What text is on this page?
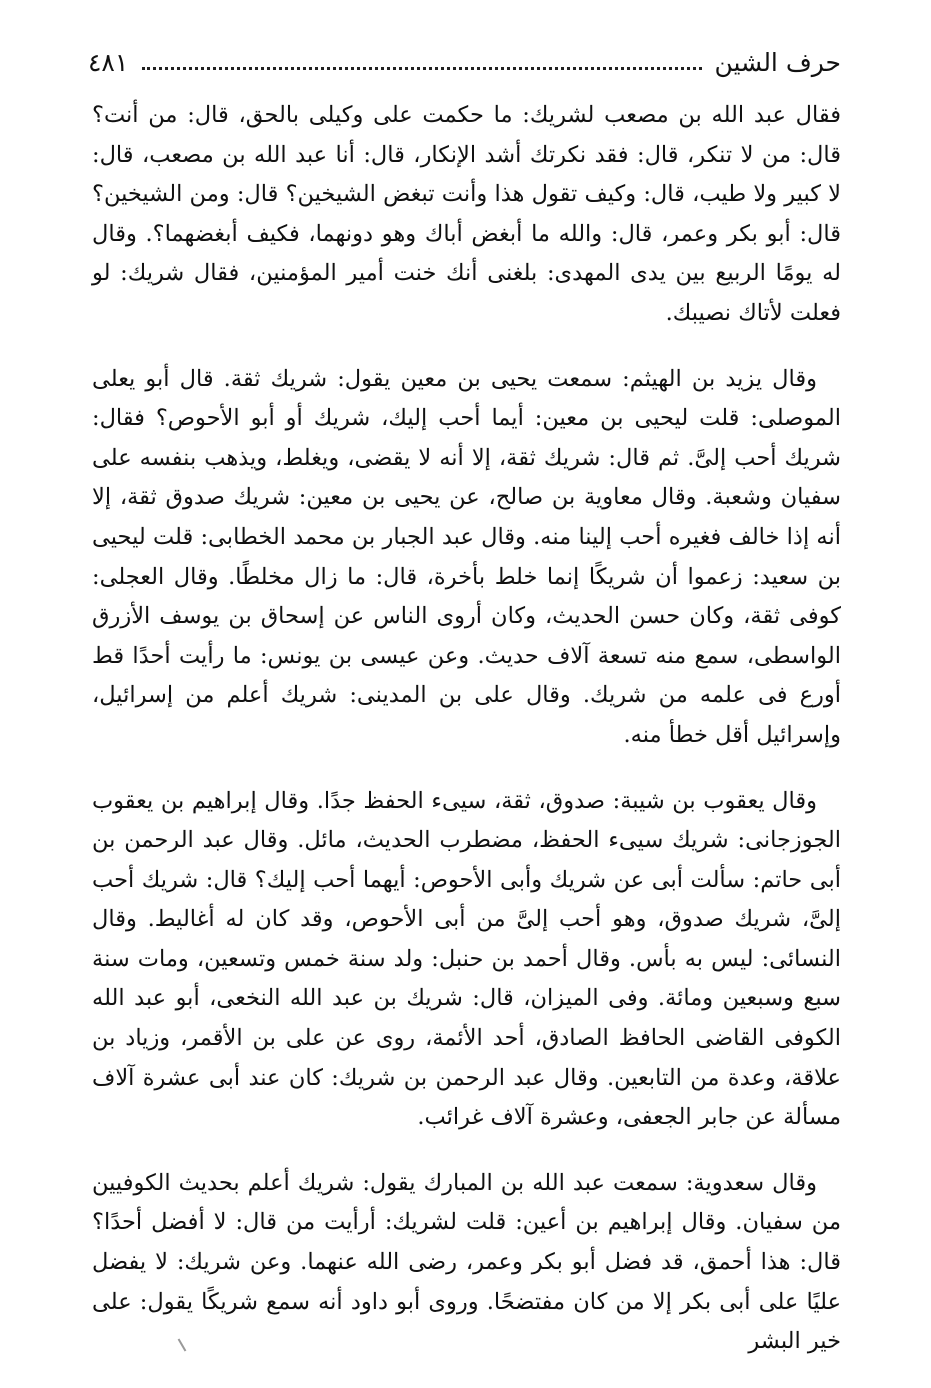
حرف الشين
٤٨١

فقال عبد الله بن مصعب لشريك: ما حكمت على وكيلى بالحق، قال: من أنت؟ قال: من لا تنكر، قال: فقد نكرتك أشد الإنكار، قال: أنا عبد الله بن مصعب، قال: لا كبير ولا طيب، قال: وكيف تقول هذا وأنت تبغض الشيخين؟ قال: ومن الشيخين؟ قال: أبو بكر وعمر، قال: والله ما أبغض أباك وهو دونهما، فكيف أبغضهما؟. وقال له يومًا الربيع بين يدى المهدى: بلغنى أنك خنت أمير المؤمنين، فقال شريك: لو فعلت لأتاك نصيبك.

وقال يزيد بن الهيثم: سمعت يحيى بن معين يقول: شريك ثقة. قال أبو يعلى الموصلى: قلت ليحيى بن معين: أيما أحب إليك، شريك أو أبو الأحوص؟ فقال: شريك أحب إلىَّ. ثم قال: شريك ثقة، إلا أنه لا يقضى، ويغلط، ويذهب بنفسه على سفيان وشعبة. وقال معاوية بن صالح، عن يحيى بن معين: شريك صدوق ثقة، إلا أنه إذا خالف فغيره أحب إلينا منه. وقال عبد الجبار بن محمد الخطابى: قلت ليحيى بن سعيد: زعموا أن شريكًا إنما خلط بأخرة، قال: ما زال مخلطًا. وقال العجلى: كوفى ثقة، وكان حسن الحديث، وكان أروى الناس عن إسحاق بن يوسف الأزرق الواسطى، سمع منه تسعة آلاف حديث. وعن عيسى بن يونس: ما رأيت أحدًا قط أورع فى علمه من شريك. وقال على بن المدينى: شريك أعلم من إسرائيل، وإسرائيل أقل خطأ منه.

وقال يعقوب بن شيبة: صدوق، ثقة، سيىء الحفظ جدًا. وقال إبراهيم بن يعقوب الجوزجانى: شريك سيىء الحفظ، مضطرب الحديث، مائل. وقال عبد الرحمن بن أبى حاتم: سألت أبى عن شريك وأبى الأحوص: أيهما أحب إليك؟ قال: شريك أحب إلىَّ، شريك صدوق، وهو أحب إلىَّ من أبى الأحوص، وقد كان له أغاليط. وقال النسائى: ليس به بأس. وقال أحمد بن حنبل: ولد سنة خمس وتسعين، ومات سنة سبع وسبعين ومائة. وفى الميزان، قال: شريك بن عبد الله النخعى، أبو عبد الله الكوفى القاضى الحافظ الصادق، أحد الأئمة، روى عن على بن الأقمر، وزياد بن علاقة، وعدة من التابعين. وقال عبد الرحمن بن شريك: كان عند أبى عشرة آلاف مسألة عن جابر الجعفى، وعشرة آلاف غرائب.

وقال سعدوية: سمعت عبد الله بن المبارك يقول: شريك أعلم بحديث الكوفيين من سفيان. وقال إبراهيم بن أعين: قلت لشريك: أرأيت من قال: لا أفضل أحدًا؟ قال: هذا أحمق، قد فضل أبو بكر وعمر، رضى الله عنهما. وعن شريك: لا يفضل عليًا على أبى بكر إلا من كان مفتضحًا. وروى أبو داود أنه سمع شريكًا يقول: على خير البشر
